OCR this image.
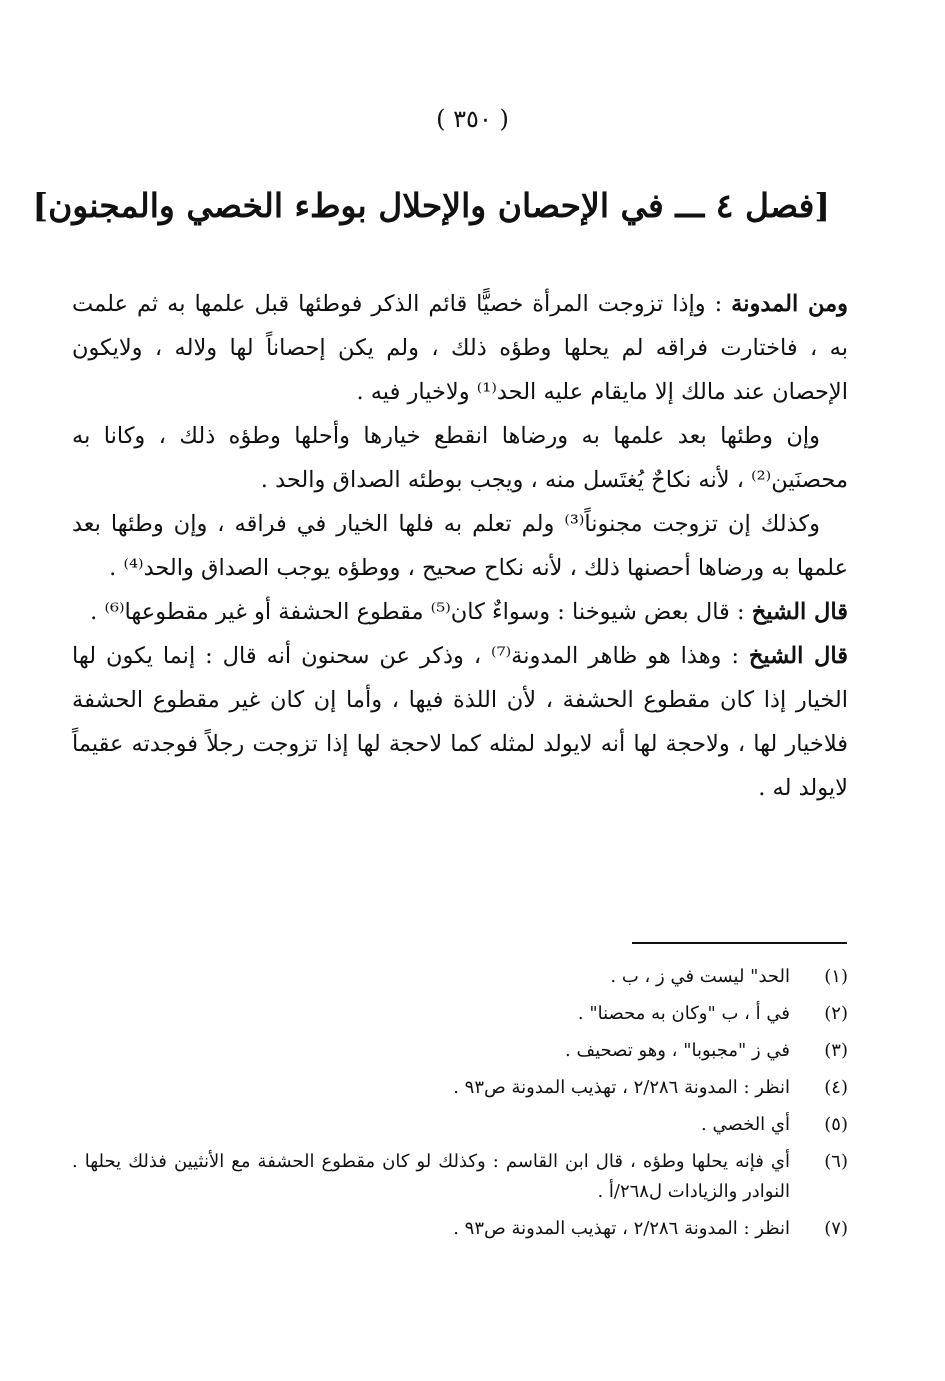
( ٣٥٠ )
[فصل ٤ ـــ في الإحصان والإحلال بوطء الخصي والمجنون]

ومن المدونة : وإذا تزوجت المرأة خصيًّا قائم الذكر فوطئها قبل علمها به ثم علمت به ، فاختارت فراقه لم يحلها وطؤه ذلك ، ولم يكن إحصاناً لها ولاله ، ولايكون الإحصان عند مالك إلا مايقام عليه الحد⁽¹⁾ ولاخيار فيه .

وإن وطئها بعد علمها به ورضاها انقطع خيارها وأحلها وطؤه ذلك ، وكانا به محصنَين⁽²⁾ ، لأنه نكاحٌ يُغتَسل منه ، ويجب بوطئه الصداق والحد .

وكذلك إن تزوجت مجنوناً⁽³⁾ ولم تعلم به فلها الخيار في فراقه ، وإن وطئها بعد علمها به ورضاها أحصنها ذلك ، لأنه نكاح صحيح ، ووطؤه يوجب الصداق والحد⁽⁴⁾ .

قال الشيخ : قال بعض شيوخنا : وسواءٌ كان⁽⁵⁾ مقطوع الحشفة أو غير مقطوعها⁽⁶⁾ .

قال الشيخ : وهذا هو ظاهر المدونة⁽⁷⁾ ، وذكر عن سحنون أنه قال : إنما يكون لها الخيار إذا كان مقطوع الحشفة ، لأن اللذة فيها ، وأما إن كان غير مقطوع الحشفة فلاخيار لها ، ولاحجة لها أنه لايولد لمثله كما لاحجة لها إذا تزوجت رجلاً فوجدته عقيماً لايولد له .

(١)
الحد" ليست في ز ، ب .
(٢)
في أ ، ب "وكان به محصنا" .
(٣)
في ز "مجبوبا" ، وهو تصحيف .
(٤)
انظر : المدونة ٢/٢٨٦ ، تهذيب المدونة ص٩٣ .
(٥)
أي الخصي .
(٦)
أي فإنه يحلها وطؤه ، قال ابن القاسم : وكذلك لو كان مقطوع الحشفة مع الأنثيين فذلك يحلها . النوادر والزيادات ل٢٦٨/أ .
(٧)
انظر : المدونة ٢/٢٨٦ ، تهذيب المدونة ص٩٣ .
